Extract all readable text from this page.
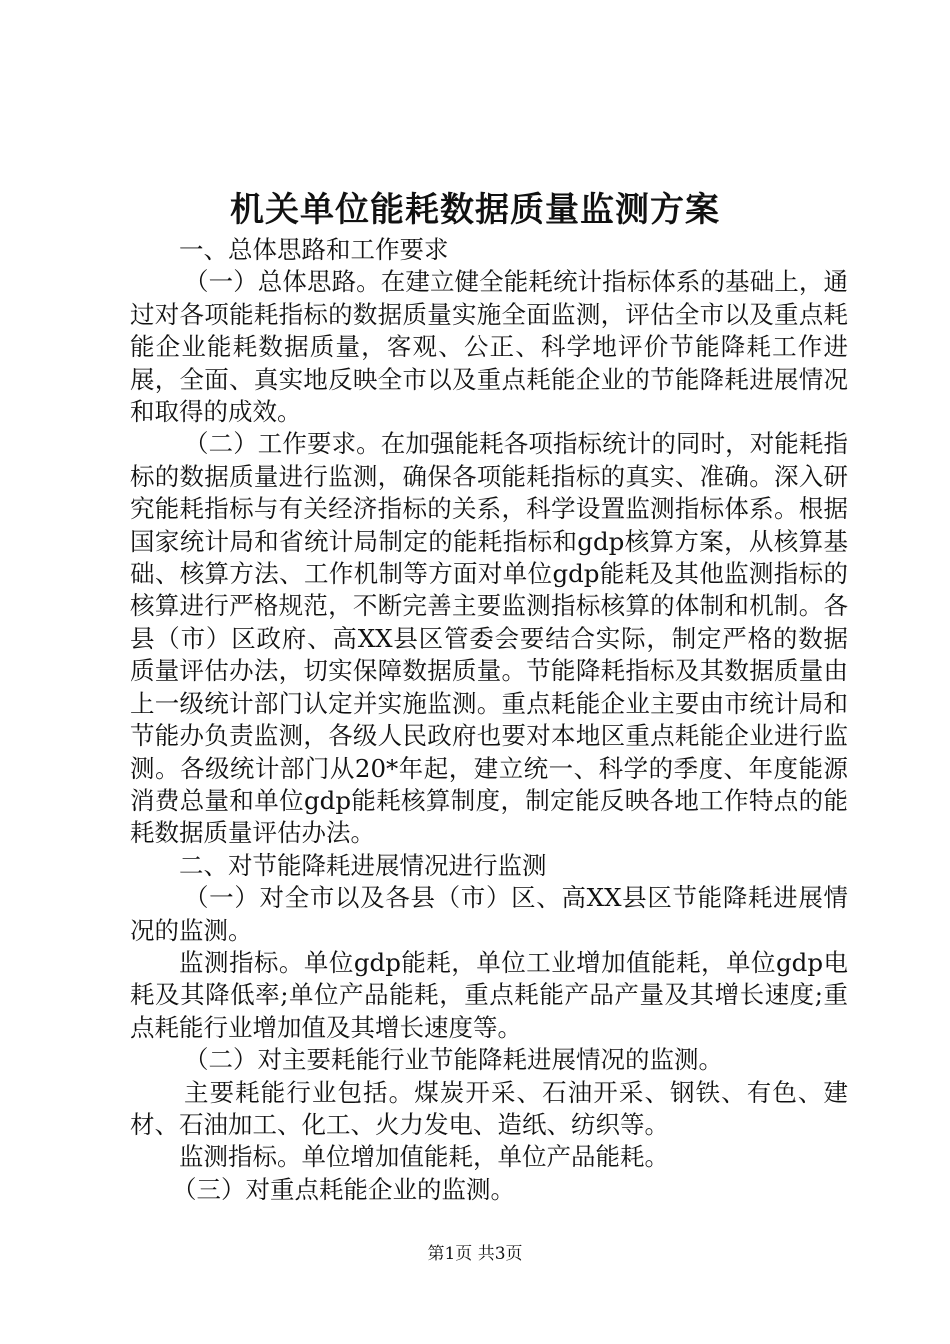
机关单位能耗数据质量监测方案

一、总体思路和工作要求

（一）总体思路。在建立健全能耗统计指标体系的基础上，通过对各项能耗指标的数据质量实施全面监测，评估全市以及重点耗能企业能耗数据质量，客观、公正、科学地评价节能降耗工作进展，全面、真实地反映全市以及重点耗能企业的节能降耗进展情况和取得的成效。

（二）工作要求。在加强能耗各项指标统计的同时，对能耗指标的数据质量进行监测，确保各项能耗指标的真实、准确。深入研究能耗指标与有关经济指标的关系，科学设置监测指标体系。根据国家统计局和省统计局制定的能耗指标和gdp核算方案，从核算基础、核算方法、工作机制等方面对单位gdp能耗及其他监测指标的核算进行严格规范，不断完善主要监测指标核算的体制和机制。各县（市）区政府、高XX县区管委会要结合实际，制定严格的数据质量评估办法，切实保障数据质量。节能降耗指标及其数据质量由上一级统计部门认定并实施监测。重点耗能企业主要由市统计局和节能办负责监测，各级人民政府也要对本地区重点耗能企业进行监测。各级统计部门从20*年起，建立统一、科学的季度、年度能源消费总量和单位gdp能耗核算制度，制定能反映各地工作特点的能耗数据质量评估办法。

二、对节能降耗进展情况进行监测

（一）对全市以及各县（市）区、高XX县区节能降耗进展情况的监测。

监测指标。单位gdp能耗，单位工业增加值能耗，单位gdp电耗及其降低率;单位产品能耗，重点耗能产品产量及其增长速度;重点耗能行业增加值及其增长速度等。

（二）对主要耗能行业节能降耗进展情况的监测。

主要耗能行业包括。煤炭开采、石油开采、钢铁、有色、建材、石油加工、化工、火力发电、造纸、纺织等。

监测指标。单位增加值能耗，单位产品能耗。

（三）对重点耗能企业的监测。

第1页 共3页
